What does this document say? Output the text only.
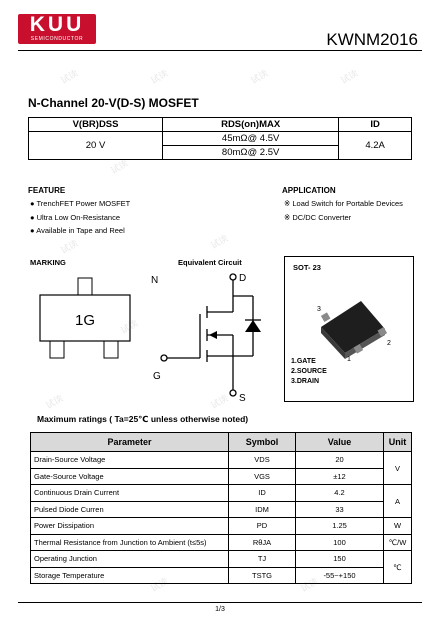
试读	试读	试读	试读
试读
试读
试读
试读
试读	试读
试读	试读
KUU
SEMICONDUCTOR	KWNM2016
N-Channel 20-V(D-S) MOSFET
V(BR)DSS	RDS(on)MAX	ID
20 V	45mΩ@ 4.5V	4.2A
	80mΩ@ 2.5V	
FEATURE
● TrenchFET Power MOSFET
● Ultra Low On-Resistance
● Available in Tape and Reel
APPLICATION
※ Load Switch for Portable Devices
※ DC/DC Converter
MARKING
1G
Equivalent Circuit
N	D
G
S
SOT- 23
3
2
1
1.GATE
2.SOURCE
3.DRAIN
Maximum ratings ( Ta=25℃ unless otherwise noted)
Parameter	Symbol	Value	Unit
Drain-Source Voltage	VDS	20	V
Gate-Source Voltage	VGS	±12	
Continuous Drain Current	ID	4.2	A
Pulsed Diode Curren	IDM	33	
Power Dissipation	PD	1.25	W
Thermal Resistance from Junction to Ambient (t≤5s)	RθJA	100	℃/W
Operating Junction	TJ	150	℃
Storage Temperature	TSTG	-55~+150	
1/3
